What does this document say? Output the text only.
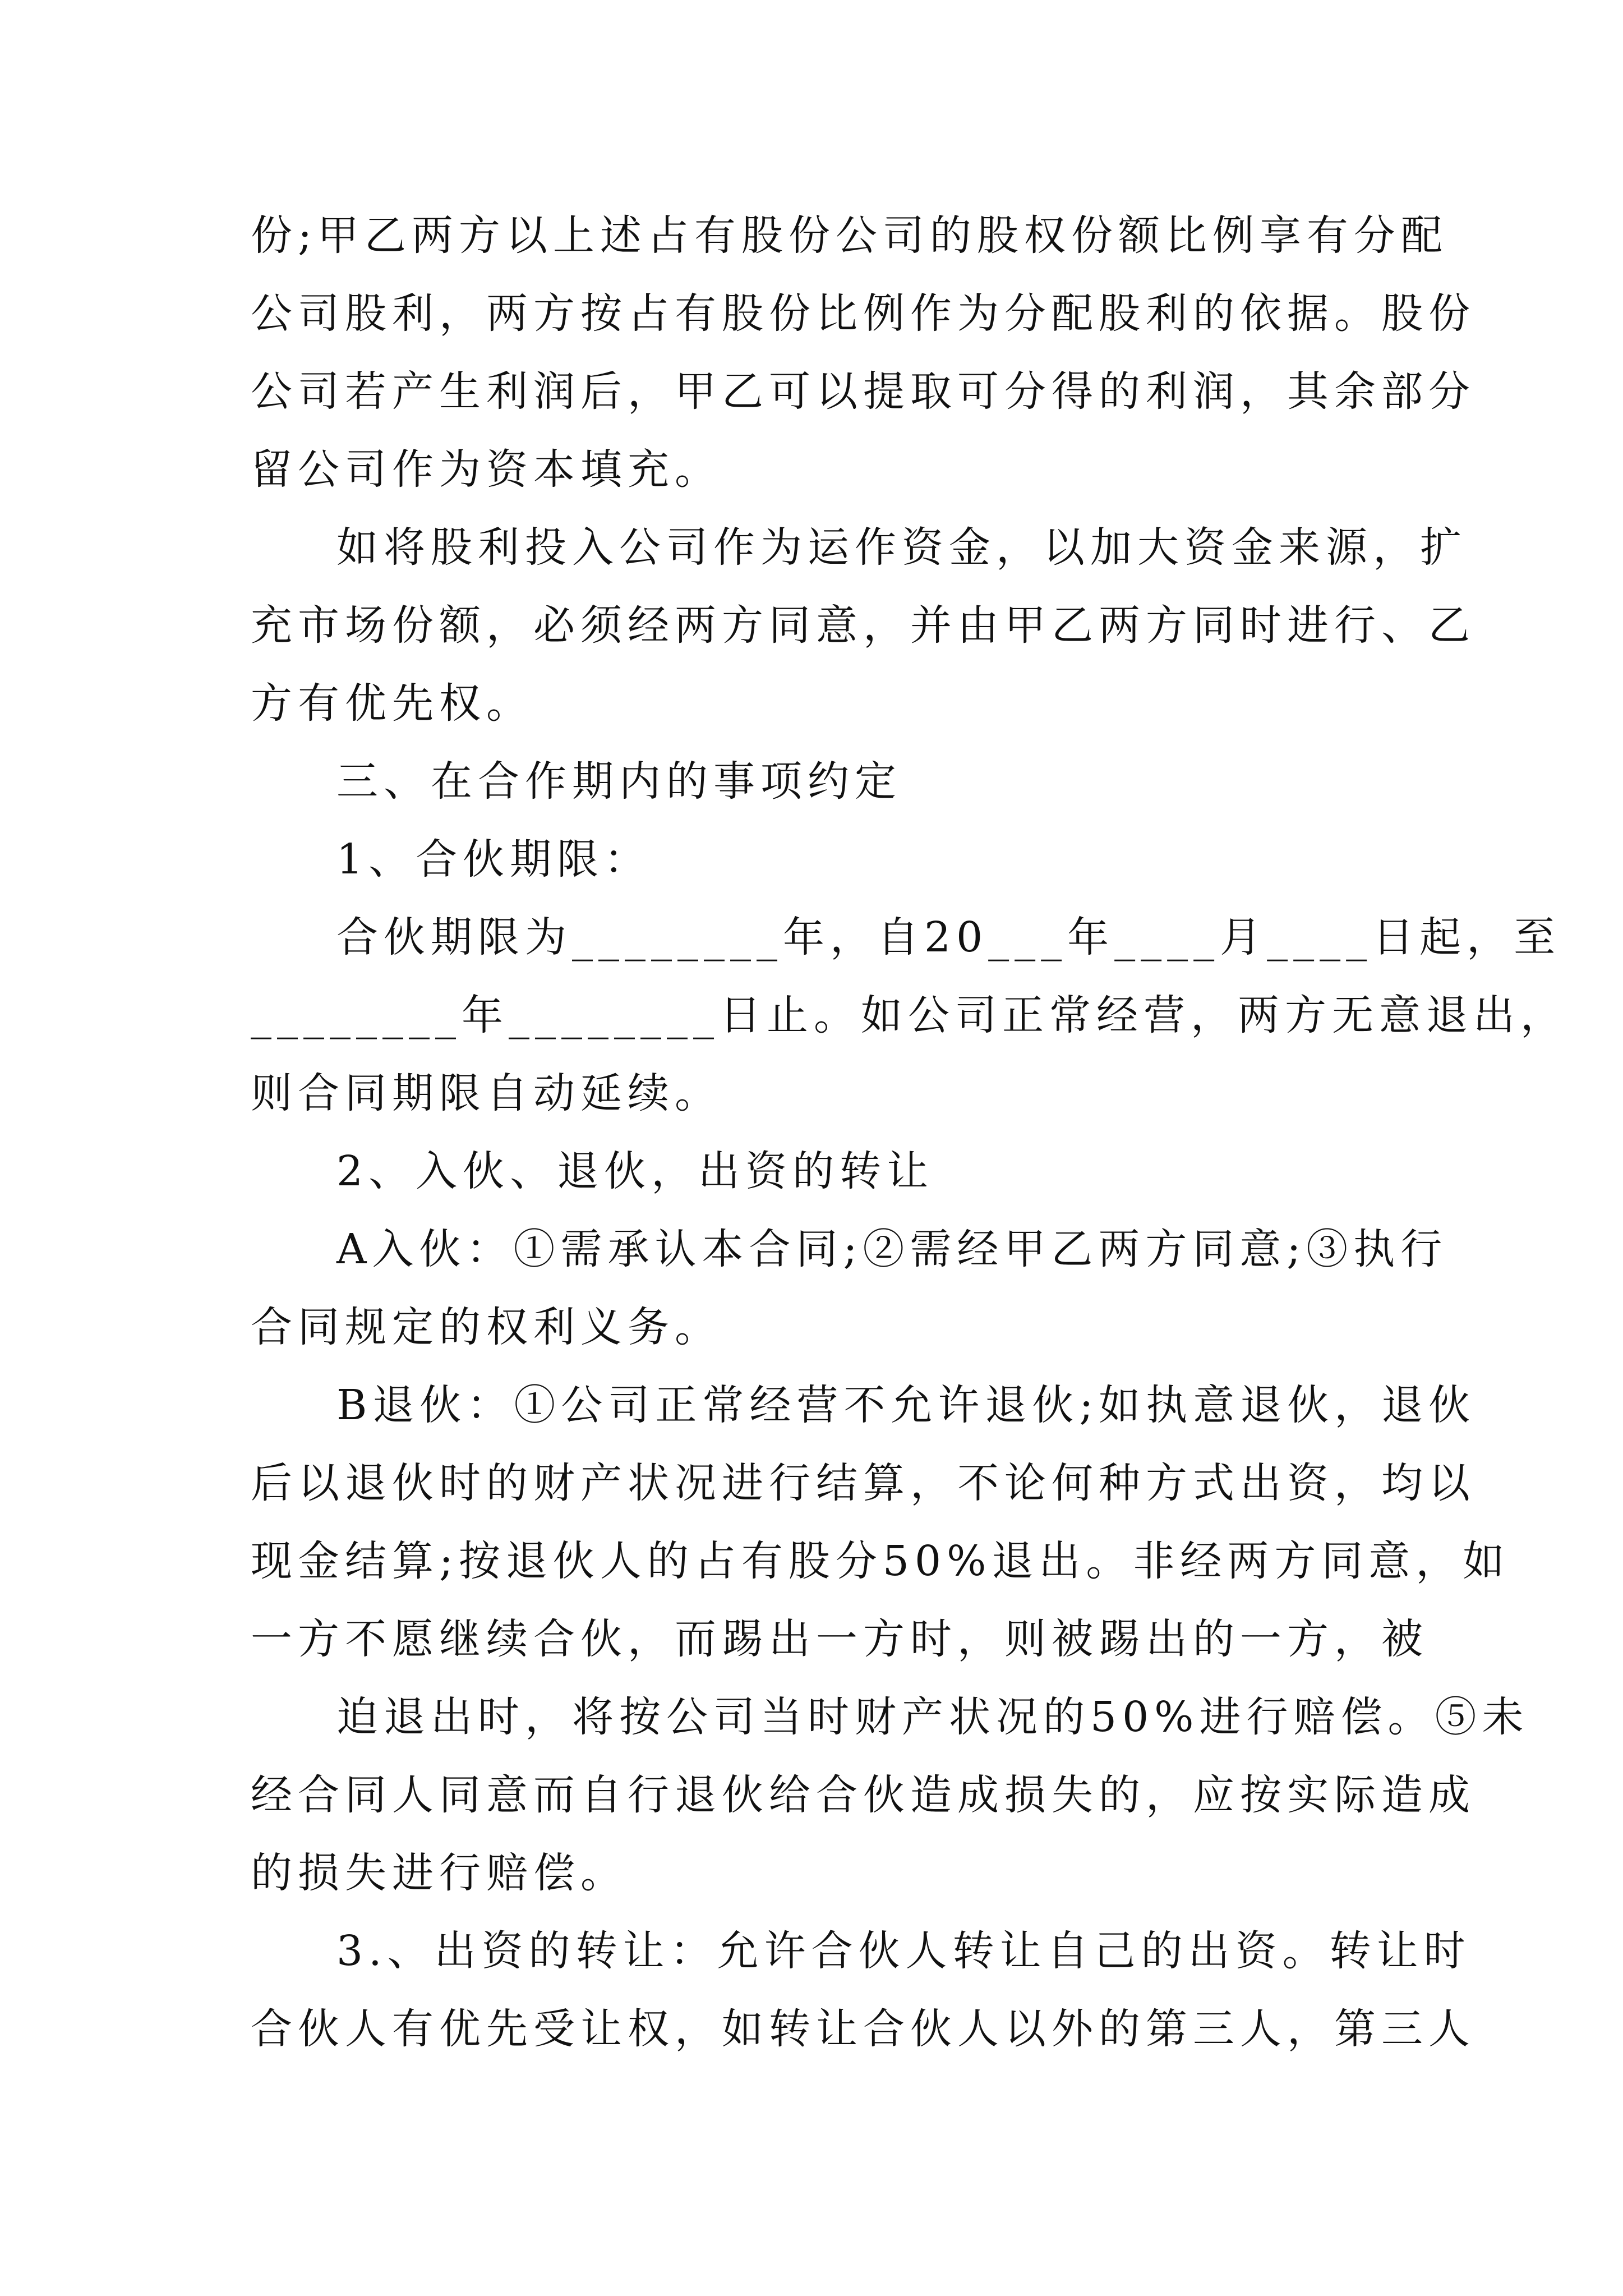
份;甲乙两方以上述占有股份公司的股权份额比例享有分配
公司股利，两方按占有股份比例作为分配股利的依据。股份
公司若产生利润后，甲乙可以提取可分得的利润，其余部分
留公司作为资本填充。
如将股利投入公司作为运作资金，以加大资金来源，扩
充市场份额，必须经两方同意，并由甲乙两方同时进行、乙
方有优先权。
三、在合作期内的事项约定
1、合伙期限：
合伙期限为________年，自20___年____月____日起，至
________年________日止。如公司正常经营，两方无意退出，
则合同期限自动延续。
2、入伙、退伙，出资的转让
A入伙：①需承认本合同;②需经甲乙两方同意;③执行
合同规定的权利义务。
B退伙：①公司正常经营不允许退伙;如执意退伙，退伙
后以退伙时的财产状况进行结算，不论何种方式出资，均以
现金结算;按退伙人的占有股分50%退出。非经两方同意，如
一方不愿继续合伙，而踢出一方时，则被踢出的一方，被
迫退出时，将按公司当时财产状况的50%进行赔偿。⑤未
经合同人同意而自行退伙给合伙造成损失的，应按实际造成
的损失进行赔偿。
3.、出资的转让：允许合伙人转让自己的出资。转让时
合伙人有优先受让权，如转让合伙人以外的第三人，第三人
